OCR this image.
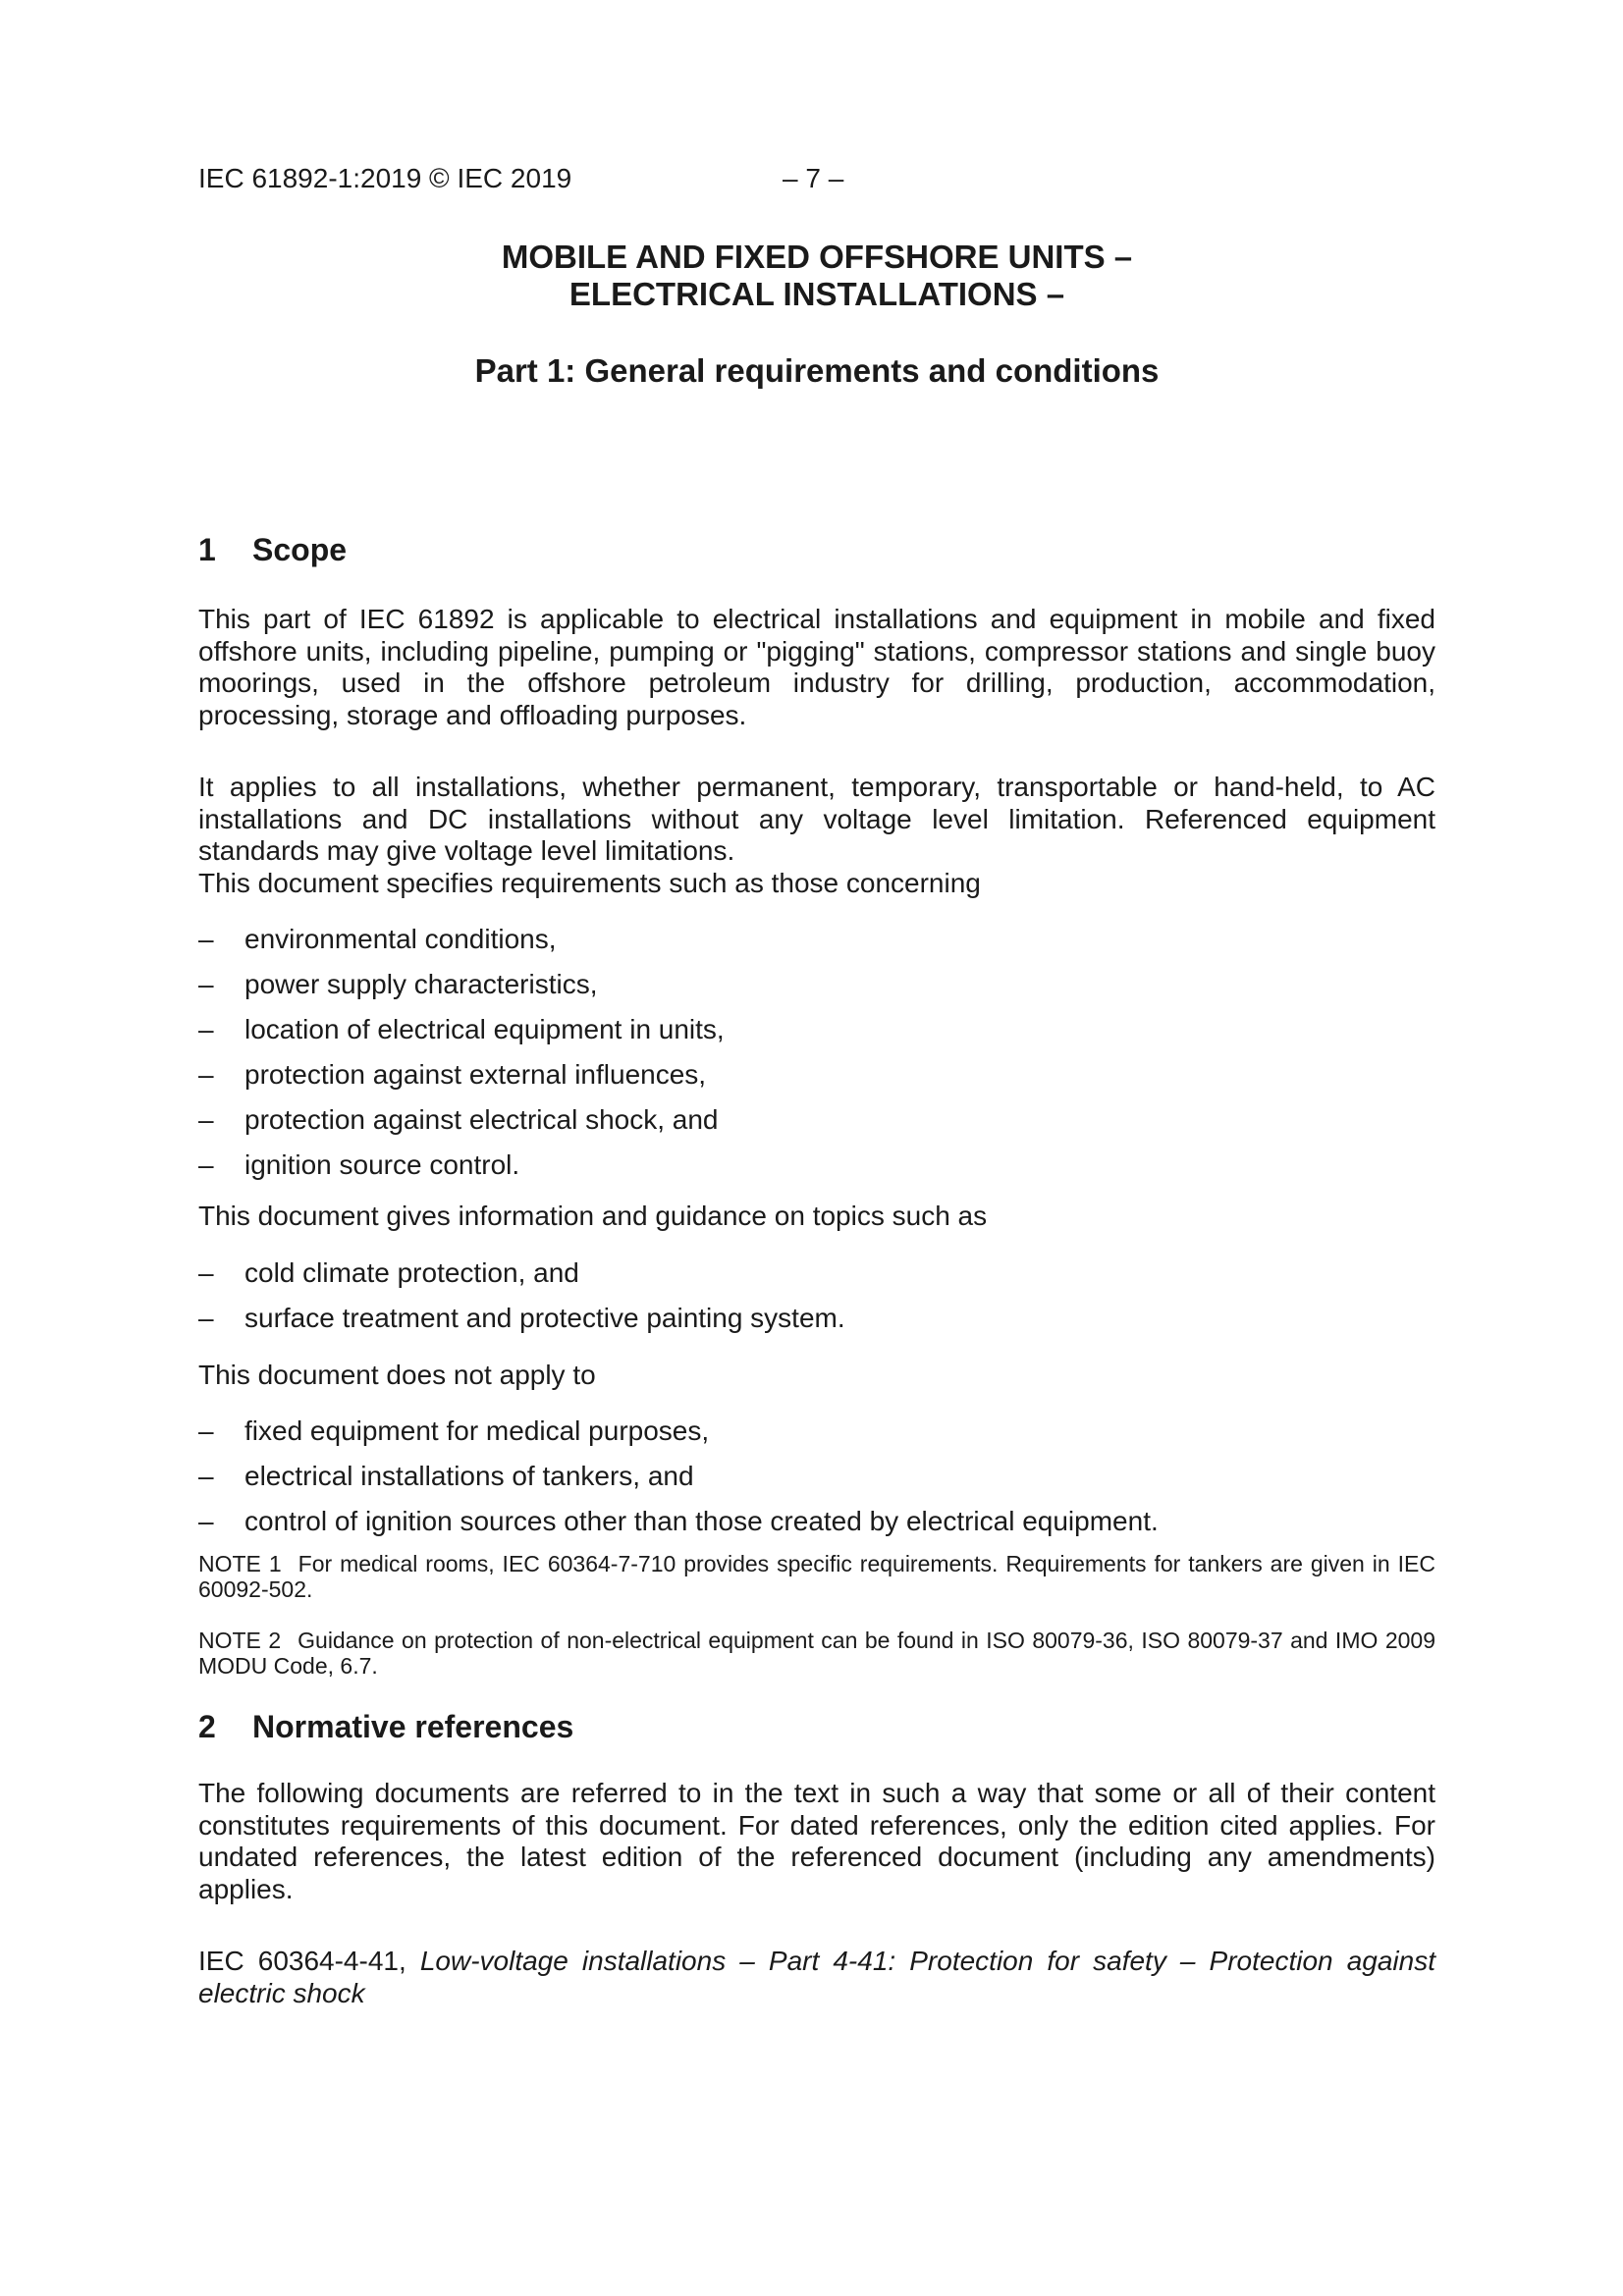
IEC 61892-1:2019 © IEC 2019	– 7 –
MOBILE AND FIXED OFFSHORE UNITS –
ELECTRICAL INSTALLATIONS –
Part 1: General requirements and conditions
1	Scope

This part of IEC 61892 is applicable to electrical installations and equipment in mobile and fixed offshore units, including pipeline, pumping or "pigging" stations, compressor stations and single buoy moorings, used in the offshore petroleum industry for drilling, production, accommodation, processing, storage and offloading purposes.

It applies to all installations, whether permanent, temporary, transportable or hand-held, to AC installations and DC installations without any voltage level limitation. Referenced equipment standards may give voltage level limitations.

This document specifies requirements such as those concerning

–	environmental conditions,
–	power supply characteristics,
–	location of electrical equipment in units,
–	protection against external influences,
–	protection against electrical shock, and
–	ignition source control.

This document gives information and guidance on topics such as

–	cold climate protection, and
–	surface treatment and protective painting system.

This document does not apply to

–	fixed equipment for medical purposes,
–	electrical installations of tankers, and
–	control of ignition sources other than those created by electrical equipment.

NOTE 1 For medical rooms, IEC 60364-7-710 provides specific requirements. Requirements for tankers are given in IEC 60092-502.

NOTE 2 Guidance on protection of non-electrical equipment can be found in ISO 80079-36, ISO 80079-37 and IMO 2009 MODU Code, 6.7.

2	Normative references

The following documents are referred to in the text in such a way that some or all of their content constitutes requirements of this document. For dated references, only the edition cited applies. For undated references, the latest edition of the referenced document (including any amendments) applies.

IEC 60364-4-41, Low-voltage installations – Part 4-41: Protection for safety – Protection against electric shock
